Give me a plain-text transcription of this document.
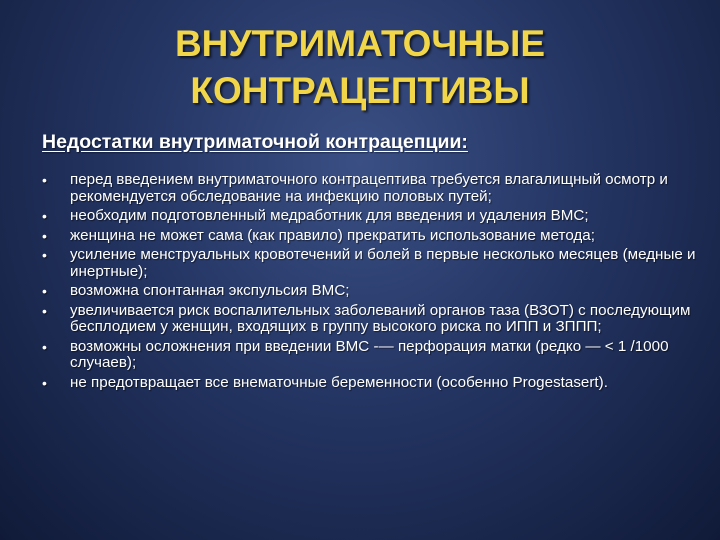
ВНУТРИМАТОЧНЫЕ
КОНТРАЦЕПТИВЫ
Недостатки внутриматочной контрацепции:
• перед введением внутриматочного контрацептива требуется влагалищный осмотр и рекомендуется обследование на инфекцию половых путей;
• необходим подготовленный медработник для введения и удаления ВМС;
• женщина не может сама (как правило) прекратить использование метода;
• усиление менструальных кровотечений и болей в первые несколько месяцев (медные и инертные);
• возможна спонтанная экспульсия ВМС;
• увеличивается риск воспалительных заболеваний органов таза (ВЗОТ) с последующим бесплодием у женщин, входящих в группу высокого риска по ИПП и ЗППП;
• возможны осложнения при введении ВМС -— перфорация матки (редко — < 1 /1000 случаев);
• не предотвращает все внематочные беременности (особенно Progestasert).
